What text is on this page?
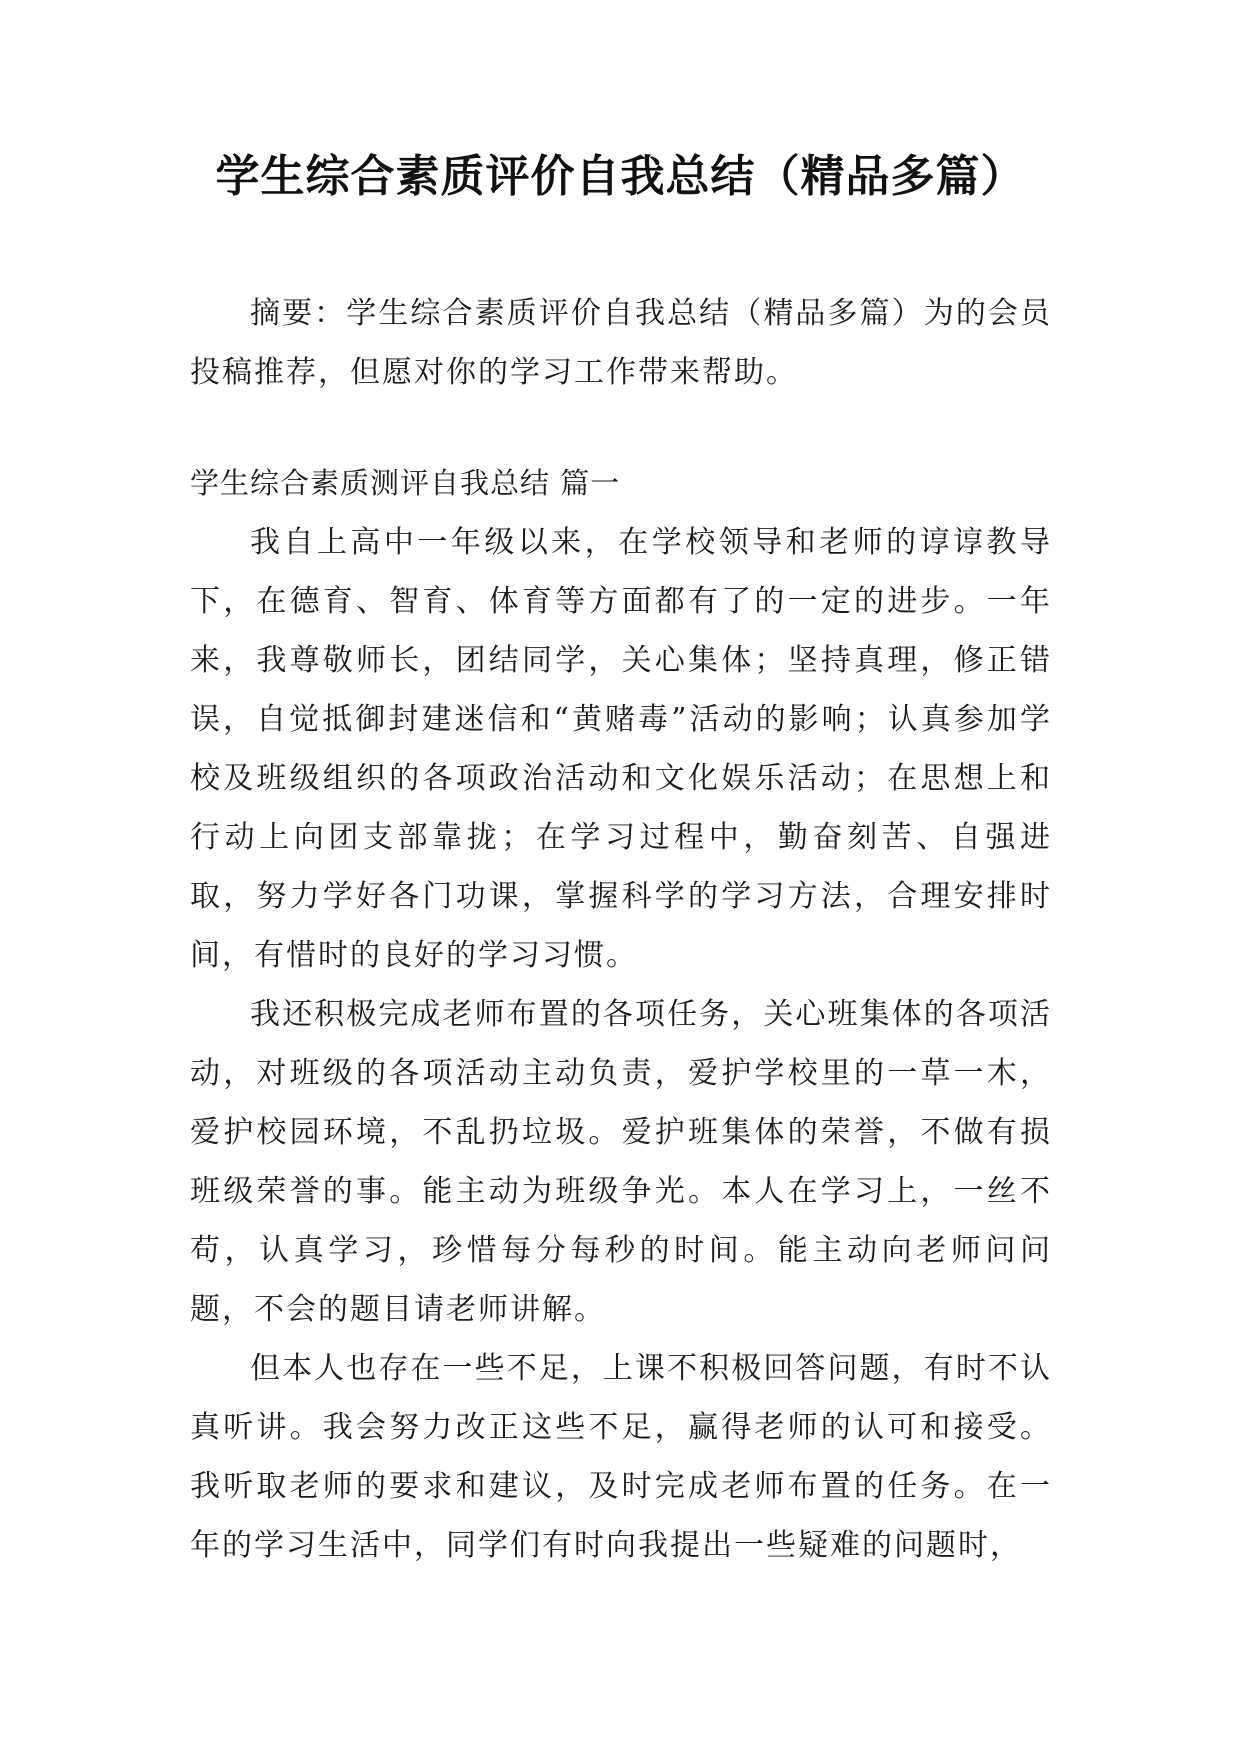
学生综合素质评价自我总结（精品多篇）

摘要：学生综合素质评价自我总结（精品多篇）为的会员投稿推荐，但愿对你的学习工作带来帮助。

学生综合素质测评自我总结 篇一

我自上高中一年级以来，在学校领导和老师的谆谆教导下，在德育、智育、体育等方面都有了的一定的进步。一年来，我尊敬师长，团结同学，关心集体；坚持真理，修正错误，自觉抵御封建迷信和“黄赌毒”活动的影响；认真参加学校及班级组织的各项政治活动和文化娱乐活动；在思想上和行动上向团支部靠拢；在学习过程中，勤奋刻苦、自强进取，努力学好各门功课，掌握科学的学习方法，合理安排时间，有惜时的良好的学习习惯。

我还积极完成老师布置的各项任务，关心班集体的各项活动，对班级的各项活动主动负责，爱护学校里的一草一木，爱护校园环境，不乱扔垃圾。爱护班集体的荣誉，不做有损班级荣誉的事。能主动为班级争光。本人在学习上，一丝不苟，认真学习，珍惜每分每秒的时间。能主动向老师问问题，不会的题目请老师讲解。

但本人也存在一些不足，上课不积极回答问题，有时不认真听讲。我会努力改正这些不足，赢得老师的认可和接受。我听取老师的要求和建议，及时完成老师布置的任务。在一年的学习生活中，同学们有时向我提出一些疑难的问题时，
